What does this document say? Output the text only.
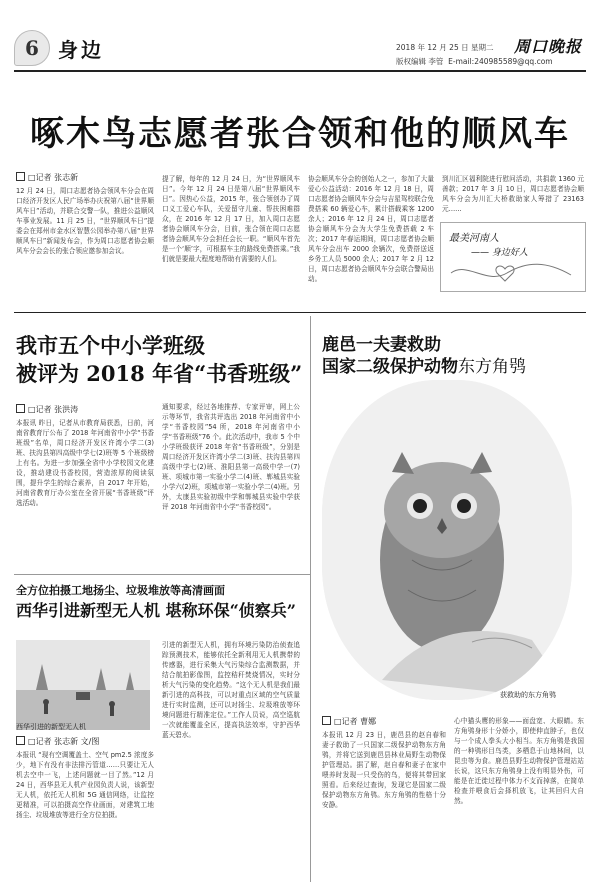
6 身边	2018 年 12 月 25 日 星期二
版权编辑 李管 E-mail:240985589@qq.com
周口晚报
啄木鸟志愿者张合领和他的顺风车
□记者 张志新
12 月 24 日，周口志愿者协会领风车分会在周口经济开发区人民广场举办庆祝第八届“世界顺风车日”活动，并联合交警一队，推进公益顺风车事业发展。11 月 25 日，“世界顺风车日”提委会在郑州市金水区智慧公园举办第八届“世界顺风车日”新闻发布会，作为周口志愿者协会顺风车分会会长的张合领应邀参加会议。
提了解，每年的 12 月 24 日，为“世界顺风车日”。今年 12 月 24 日是第八届“世界顺风车日”。因热心公益，2015 年，张合领创办了周口义工爱心车队，关爱留守儿童、帮扶困难群众，在 2016 年 12 月 17 日，加入周口志愿者协会顺风车分会，目前，张合领在周口志愿者协会顺风车分会担任会长一职。“顺风车首先是一个‘顺’字，可根据车主的路线免费搭乘。”我们就是要最大程度地帮助有需要的人们。
协会顺风车分会的创始人之一，参加了大量爱心公益活动：2016 年 12 月 18 日，周口志愿者协会顺风车分会与吉星驾校联合免费搭乘 60 辆爱心车，累计搭载乘客 1200 余人；2016 年 12 月 24 日，周口志愿者协会顺风车分会为大学生免费搭载 2 车次；2017 年春运期间，周口志愿者协会顺风车分会出车 2000 余辆次，免费搭送返乡务工人员 5000 余人；2017 年 2 月 12 日，周口志愿者协会顺风车分会联合警局出动。
到川汇区福利院进行慰问活动，共捐款 1360 元善款；2017 年 3 月 10 日，周口志愿者协会顺风车分会为川汇大桥救助家人筹措了 23163 元……
最美河南人
—— 身边好人
我市五个中小学班级
被评为 2018 年省“书香班级”
□记者 张洪涛
本报讯 昨日，记者从市教育局获悉，日前，河南省教育厅公布了 2018 年河南省中小学“书香班级”名单，周口经济开发区许湾小学二(3)班、扶沟县第四高级中学七(2)班等 5 个班级榜上有名。为进一步加强全省中小学校园文化建设，推动建设书香校园，营造浓厚的阅读氛围，提升学生的综合素养，自 2017 年开始，河南省教育厅办公室在全省开展“书香班级”评选活动。
通知要求，经过各地推荐、专家评审，网上公示等环节，我省共评选出 2018 年河南省中小学“书香校园”54 所，2018 年河南省中小学“书香班级”76 个。此次活动中，我市 5 个中小学班级获评 2018 年省“书香班级”，分别是周口经济开发区许湾小学二(3)班、扶沟县第四高级中学七(2)班、淮阳县第一高级中学一(7)班、项城市第一实验小学二(4)班、郸城县实验小学六(2)班，项城市第一实验小学二(4)班。另外，太康县实验初级中学和郸城县实验中学获评 2018 年河南省中小学“书香校园”。
全方位拍摄工地扬尘、垃圾堆放等高清画面
西华引进新型无人机 堪称环保“侦察兵”
西华引进的新型无人机
□记者 张志新 文/图
本报讯 “现有空调覆盖土、空气 pm2.5 浓度多少，地下有没有非法排污管道……只要让无人机去空中一飞，上述问题就一目了然。”12 月 24 日，西华县无人机产业园负责人说，该新型无人机，依托无人机和 5G 通信网络，让监控更精准，可以拍摄高空作业画面，对建筑工地扬尘、垃圾堆放等进行全方位拍摄。
引进的新型无人机，拥有环境污染防治侦查追踪预测技术，能够依托全新利用无人机携带的传感器，进行采集大气污染综合监测数据，并结合航拍影像图，监控秸秆焚烧情况，实时分析大气污染的变化趋势。“这个无人机是我们最新引进的高科技，可以对重点区域的空气质量进行实时监测，还可以对扬尘、垃圾堆放等环境问题进行精准定位。”工作人员说，高空巡航一次就能覆盖全区，提高执法效率，守护西华蓝天碧水。
鹿邑一夫妻救助
国家二级保护动物东方角鸮
获救助的东方角鸮
□记者 曹娜
本报讯 12 月 23 日，鹿邑县的赵自春和妻子救助了一只国家二级保护动物东方角鸮，并将它送到鹿邑县林业局野生动物保护管理站。据了解，赵自春和妻子在家中喂养时发现一只受伤的鸟，便将其带回家照看。后来经过查询，发现它是国家二级保护动物东方角鸮。东方角鸮的性格十分安静。
心中猫头鹰的形象——面盘宽、大眼睛。东方角鸮身形十分娇小，即使伸直脖子，也仅与一个成人拳头大小相当。东方角鸮是我国的一种鸮形目鸟类，多栖息于山地林间，以昆虫等为食。鹿邑县野生动物保护管理站站长说，这只东方角鸮身上没有明显外伤，可能是在迁徙过程中体力不支而掉落，在简单检查并喂食后会择机放飞，让其回归大自然。
